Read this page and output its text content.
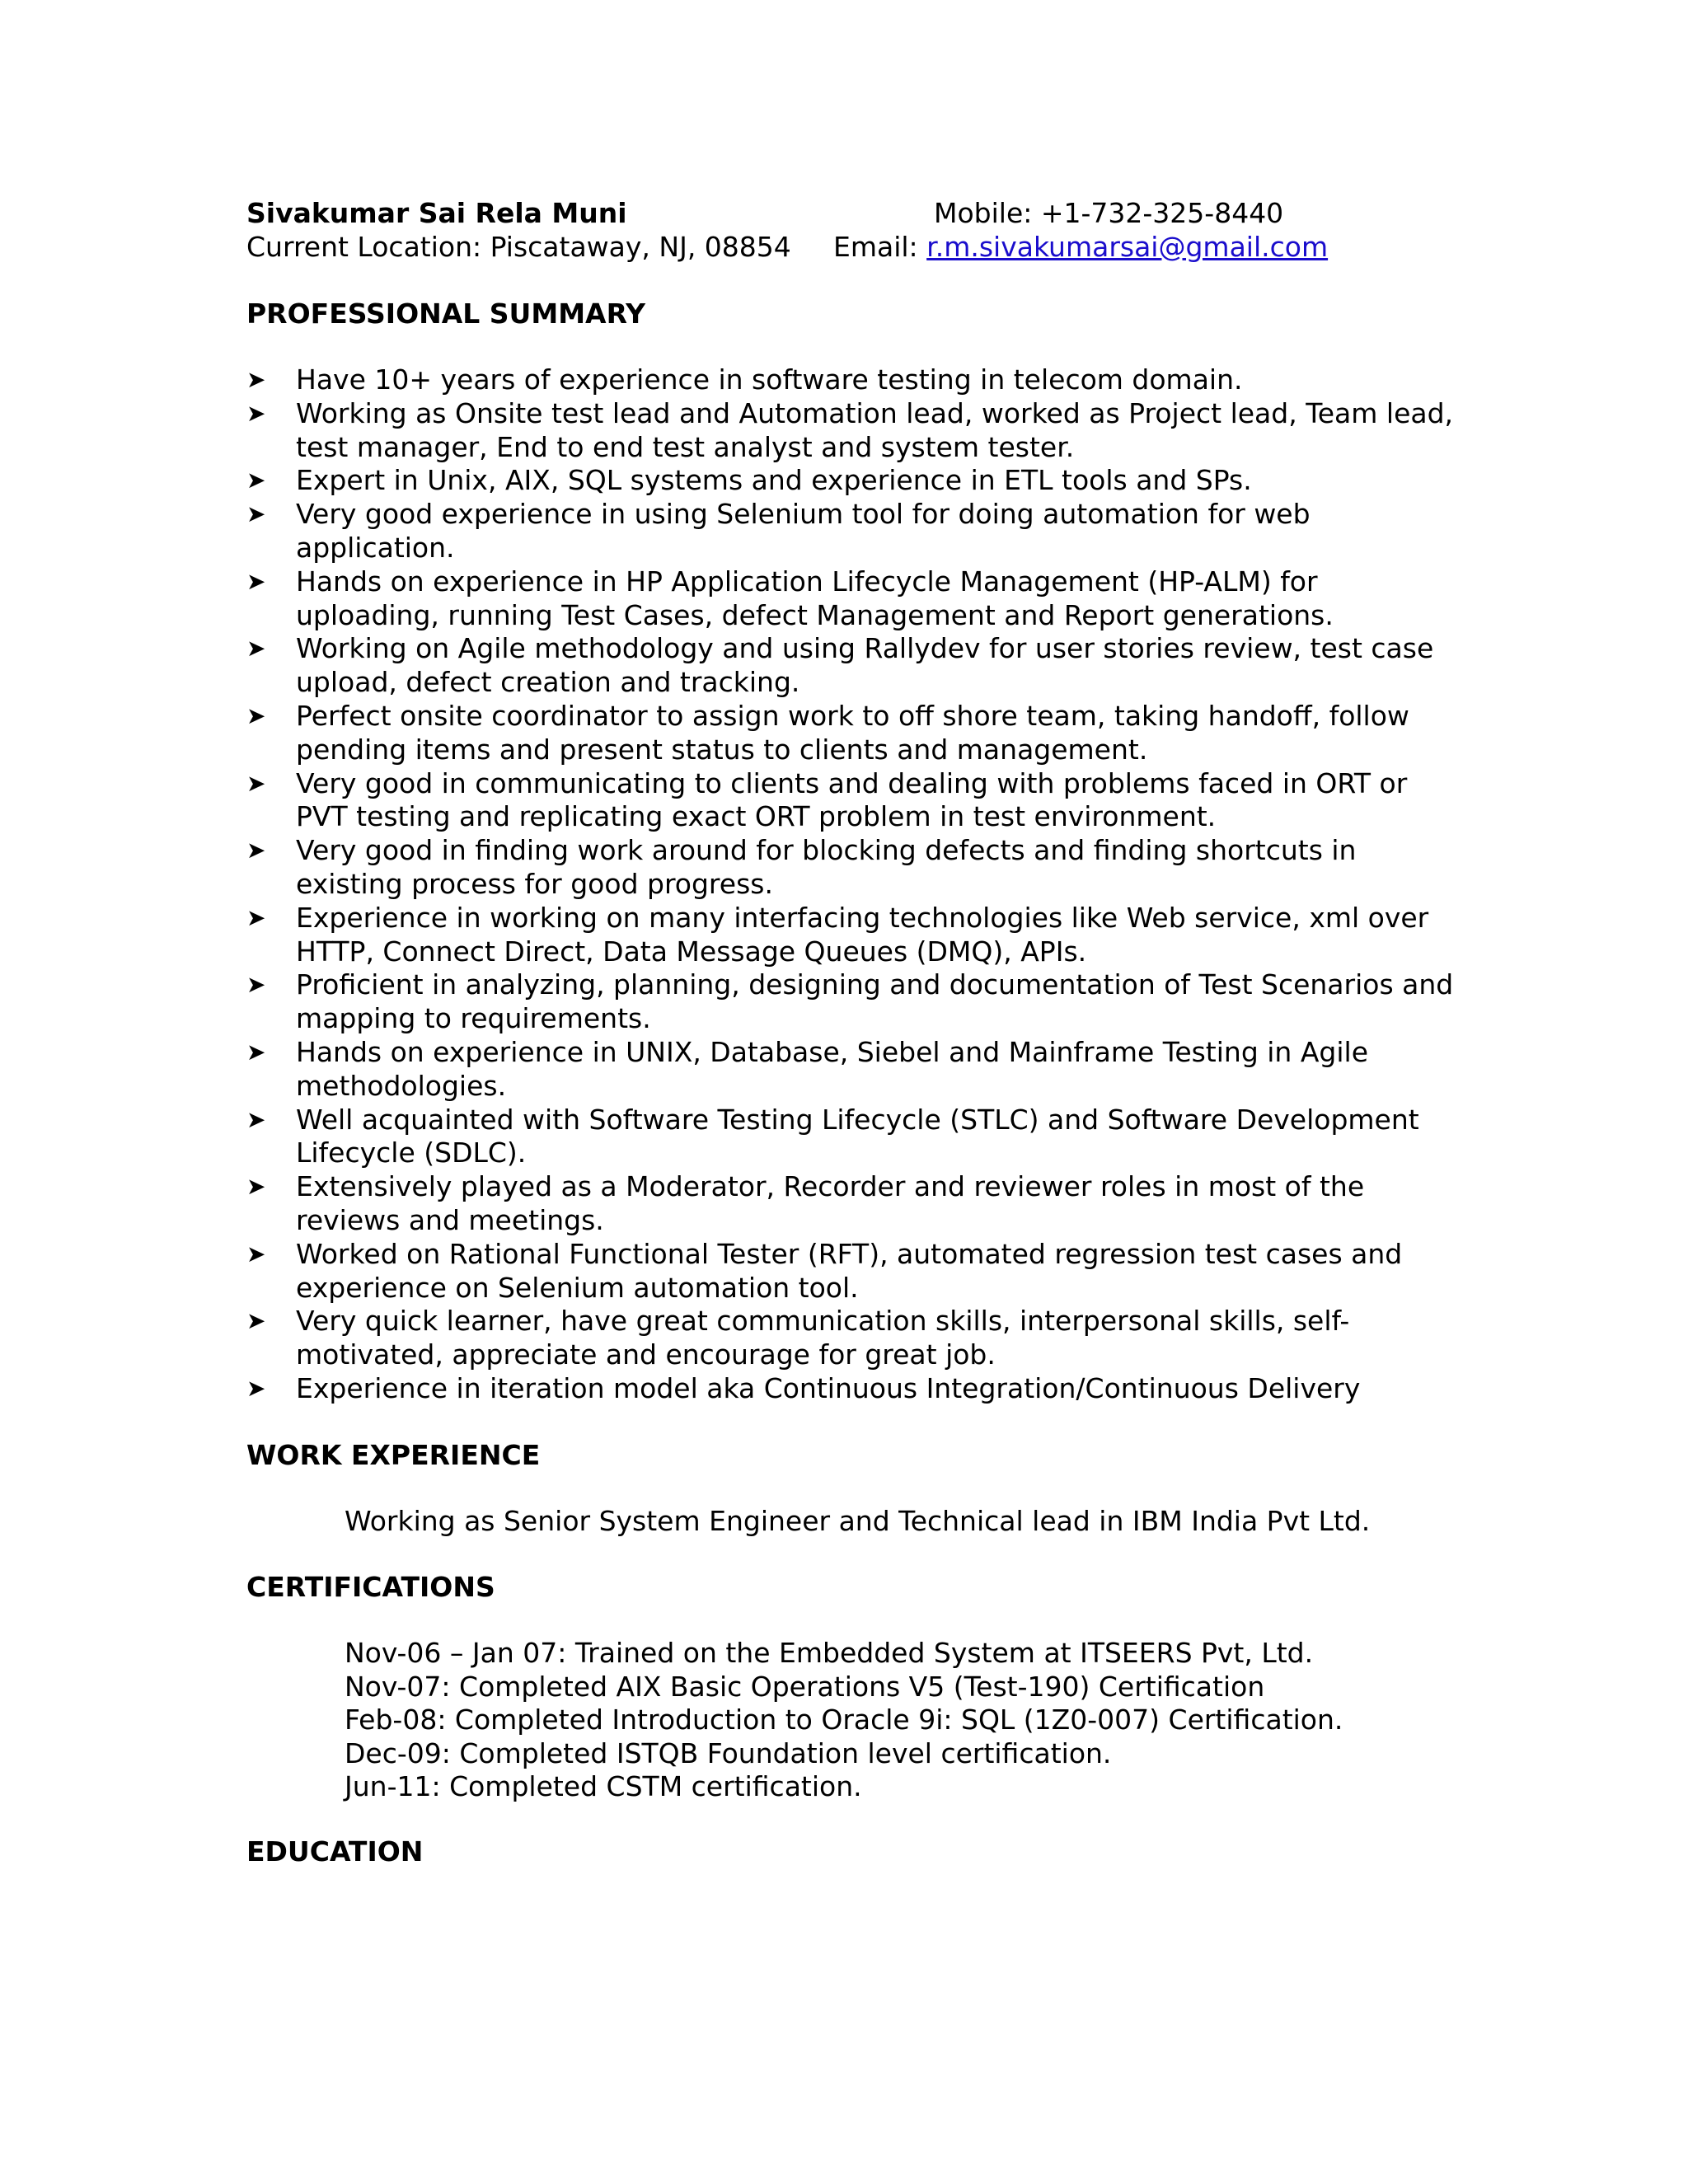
Sivakumar Sai Rela Muni	Mobile: +1-732-325-8440
Current Location: Piscataway, NJ, 08854 Email: r.m.sivakumarsai@gmail.com
PROFESSIONAL SUMMARY
➤ Have 10+ years of experience in software testing in telecom domain.
➤ Working as Onsite test lead and Automation lead, worked as Project lead, Team lead, test manager, End to end test analyst and system tester.
➤ Expert in Unix, AIX, SQL systems and experience in ETL tools and SPs.
➤ Very good experience in using Selenium tool for doing automation for web application.
➤ Hands on experience in HP Application Lifecycle Management (HP-ALM) for uploading, running Test Cases, defect Management and Report generations.
➤ Working on Agile methodology and using Rallydev for user stories review, test case upload, defect creation and tracking.
➤ Perfect onsite coordinator to assign work to off shore team, taking handoff, follow pending items and present status to clients and management.
➤ Very good in communicating to clients and dealing with problems faced in ORT or PVT testing and replicating exact ORT problem in test environment.
➤ Very good in finding work around for blocking defects and finding shortcuts in existing process for good progress.
➤ Experience in working on many interfacing technologies like Web service, xml over HTTP, Connect Direct, Data Message Queues (DMQ), APIs.
➤ Proficient in analyzing, planning, designing and documentation of Test Scenarios and mapping to requirements.
➤ Hands on experience in UNIX, Database, Siebel and Mainframe Testing in Agile methodologies.
➤ Well acquainted with Software Testing Lifecycle (STLC) and Software Development Lifecycle (SDLC).
➤ Extensively played as a Moderator, Recorder and reviewer roles in most of the reviews and meetings.
➤ Worked on Rational Functional Tester (RFT), automated regression test cases and experience on Selenium automation tool.
➤ Very quick learner, have great communication skills, interpersonal skills, self-motivated, appreciate and encourage for great job.
➤ Experience in iteration model aka Continuous Integration/Continuous Delivery
WORK EXPERIENCE
Working as Senior System Engineer and Technical lead in IBM India Pvt Ltd.
CERTIFICATIONS
Nov-06 – Jan 07: Trained on the Embedded System at ITSEERS Pvt, Ltd.
Nov-07: Completed AIX Basic Operations V5 (Test-190) Certification
Feb-08: Completed Introduction to Oracle 9i: SQL (1Z0-007) Certification.
Dec-09: Completed ISTQB Foundation level certification.
Jun-11: Completed CSTM certification.
EDUCATION
